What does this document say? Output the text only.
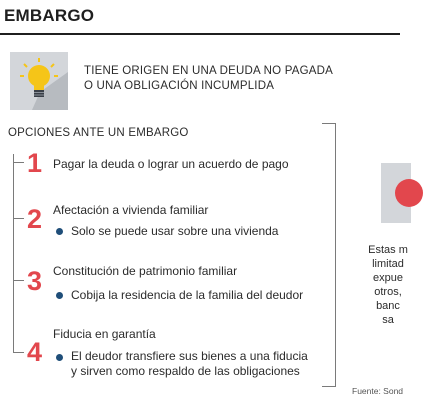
EMBARGO
TIENE ORIGEN EN UNA DEUDA NO PAGADA
O UNA OBLIGACIÓN INCUMPLIDA
OPCIONES ANTE UN EMBARGO
1 Pagar la deuda o lograr un acuerdo de pago
2 Afectación a vivienda familiar
Solo se puede usar sobre una vivienda
3 Constitución de patrimonio familiar
Cobija la residencia de la familia del deudor
4
Fiducia en garantía
El deudor transfiere sus bienes a una fiducia
y sirven como respaldo de las obligaciones
Estas m
limitad
expue
otros,
banc
sa
Fuente: Sond
